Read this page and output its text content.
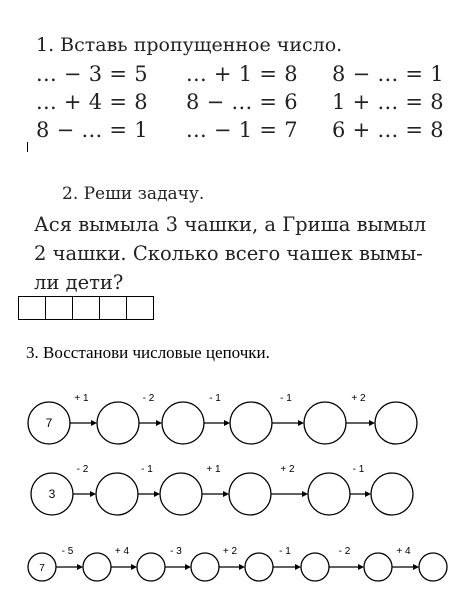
1. Вставь пропущенное число.
... − 3 = 5 ... + 1 = 8 8 − ... = 1
... + 4 = 8 8 − ... = 6 1 + ... = 8
8 − ... = 1 ... − 1 = 7 6 + ... = 8
2. Реши задачу.
Ася вымыла 3 чашки, а Гриша вымыл
2 чашки. Сколько всего чашек вымы-
ли дети?
3. Восстанови числовые цепочки.
+ 1	- 2	- 1	- 1	+ 2
7
- 2	- 1	+ 1	+ 2	- 1
3
- 5	+ 4	- 3	+ 2	- 1	- 2	+ 4
7
